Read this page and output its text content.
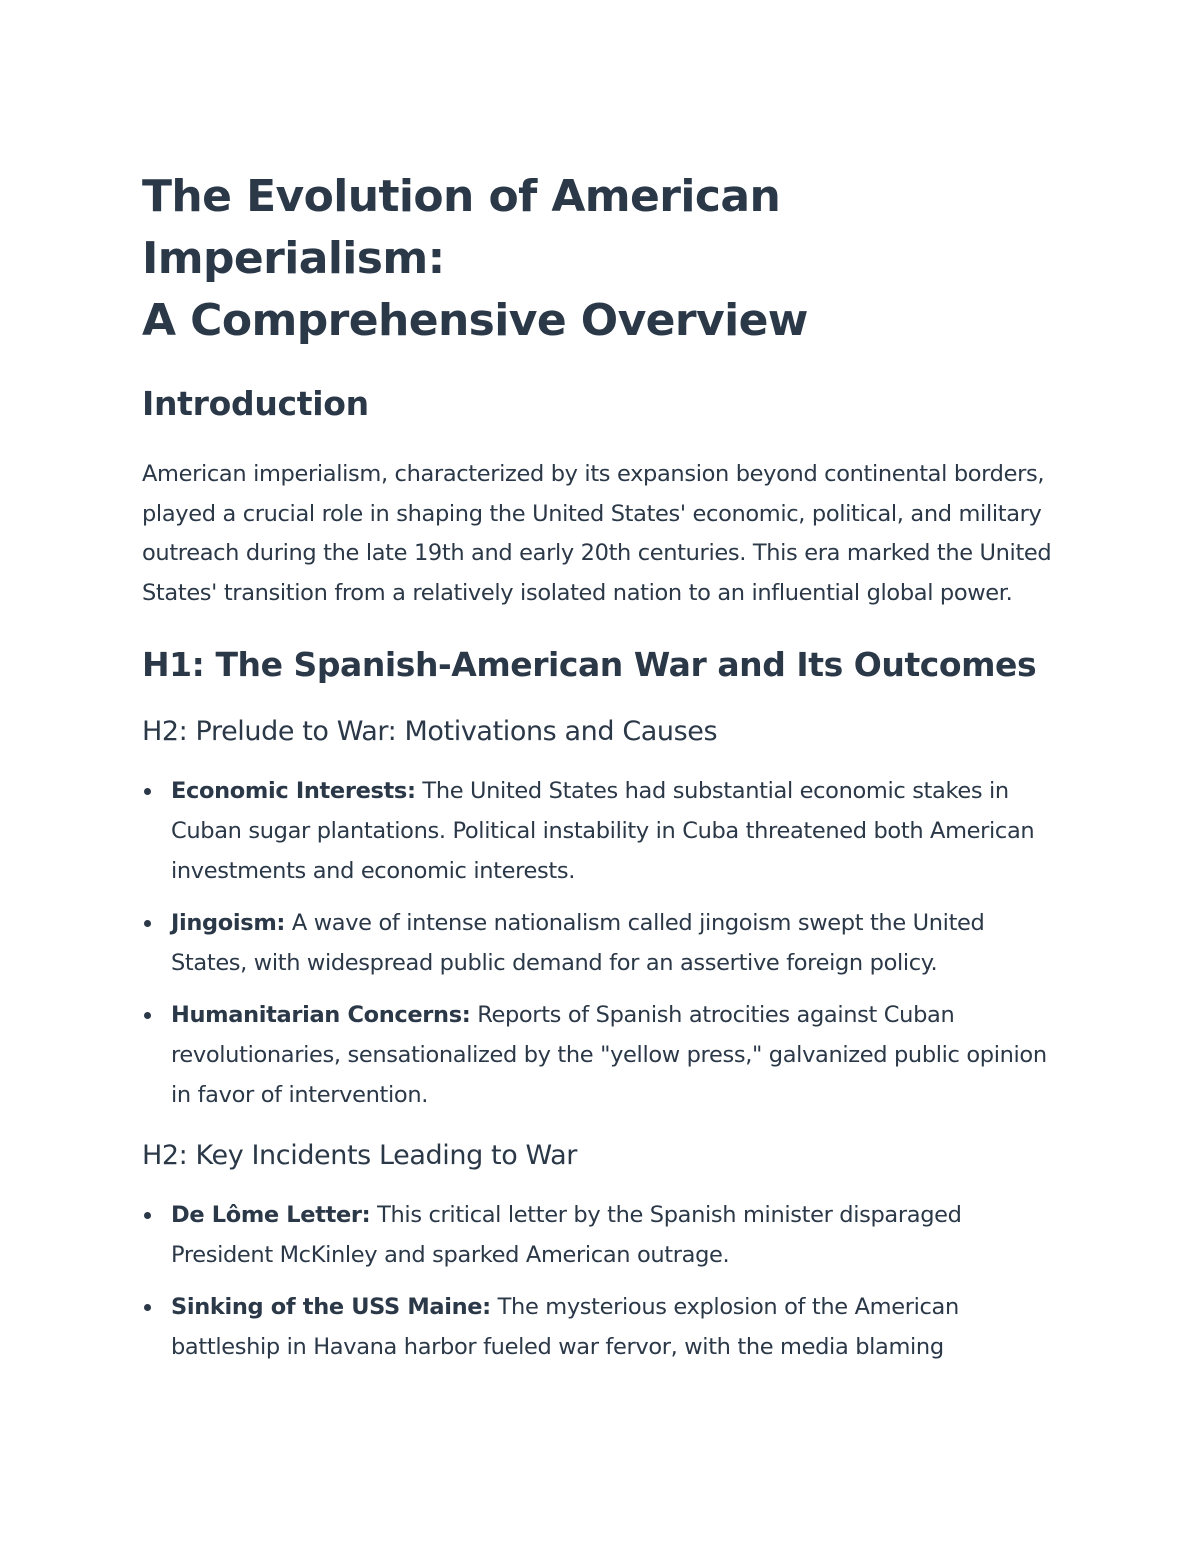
The Evolution of American Imperialism:
A Comprehensive Overview
Introduction

American imperialism, characterized by its expansion beyond continental borders, played a crucial role in shaping the United States' economic, political, and military outreach during the late 19th and early 20th centuries. This era marked the United States' transition from a relatively isolated nation to an influential global power.

H1: The Spanish-American War and Its Outcomes
H2: Prelude to War: Motivations and Causes
Economic Interests: The United States had substantial economic stakes in Cuban sugar plantations. Political instability in Cuba threatened both American investments and economic interests.
Jingoism: A wave of intense nationalism called jingoism swept the United States, with widespread public demand for an assertive foreign policy.
Humanitarian Concerns: Reports of Spanish atrocities against Cuban revolutionaries, sensationalized by the "yellow press," galvanized public opinion in favor of intervention.
H2: Key Incidents Leading to War
De Lôme Letter: This critical letter by the Spanish minister disparaged President McKinley and sparked American outrage.
Sinking of the USS Maine: The mysterious explosion of the American battleship in Havana harbor fueled war fervor, with the media blaming
